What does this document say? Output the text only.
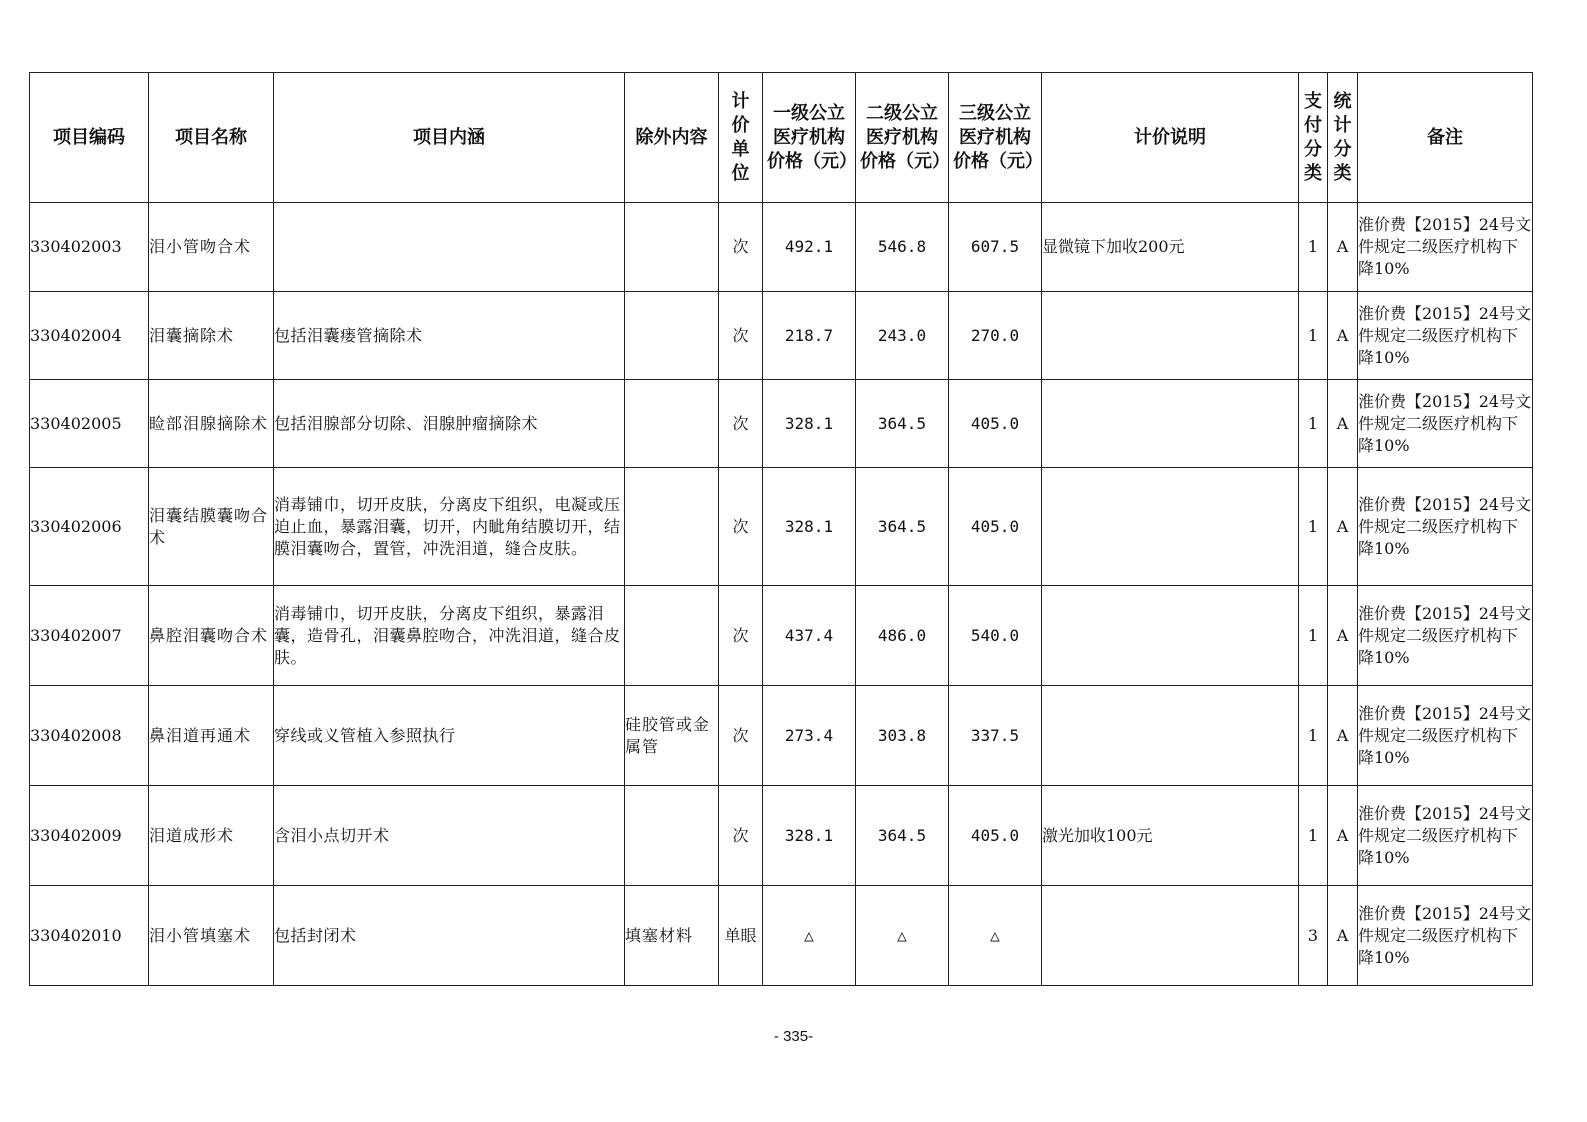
项目编码	项目名称	项目内涵	除外内容	计价单位	一级公立医疗机构价格（元）	二级公立医疗机构价格（元）	三级公立医疗机构价格（元）	计价说明	支付分类	统计分类	备注
330402003	泪小管吻合术			次	492.1	546.8	607.5	显微镜下加收200元	1	A	淮价费【2015】24号文件规定二级医疗机构下降10%
330402004	泪囊摘除术	包括泪囊瘘管摘除术		次	218.7	243.0	270.0		1	A	淮价费【2015】24号文件规定二级医疗机构下降10%
330402005	睑部泪腺摘除术	包括泪腺部分切除、泪腺肿瘤摘除术		次	328.1	364.5	405.0		1	A	淮价费【2015】24号文件规定二级医疗机构下降10%
330402006	泪囊结膜囊吻合术	消毒铺巾，切开皮肤，分离皮下组织，电凝或压迫止血，暴露泪囊，切开，内眦角结膜切开，结膜泪囊吻合，置管，冲洗泪道，缝合皮肤。		次	328.1	364.5	405.0		1	A	淮价费【2015】24号文件规定二级医疗机构下降10%
330402007	鼻腔泪囊吻合术	消毒铺巾，切开皮肤，分离皮下组织，暴露泪囊，造骨孔，泪囊鼻腔吻合，冲洗泪道，缝合皮肤。		次	437.4	486.0	540.0		1	A	淮价费【2015】24号文件规定二级医疗机构下降10%
330402008	鼻泪道再通术	穿线或义管植入参照执行	硅胶管或金属管	次	273.4	303.8	337.5		1	A	淮价费【2015】24号文件规定二级医疗机构下降10%
330402009	泪道成形术	含泪小点切开术		次	328.1	364.5	405.0	激光加收100元	1	A	淮价费【2015】24号文件规定二级医疗机构下降10%
330402010	泪小管填塞术	包括封闭术	填塞材料	单眼	△	△	△		3	A	淮价费【2015】24号文件规定二级医疗机构下降10%
- 335-
